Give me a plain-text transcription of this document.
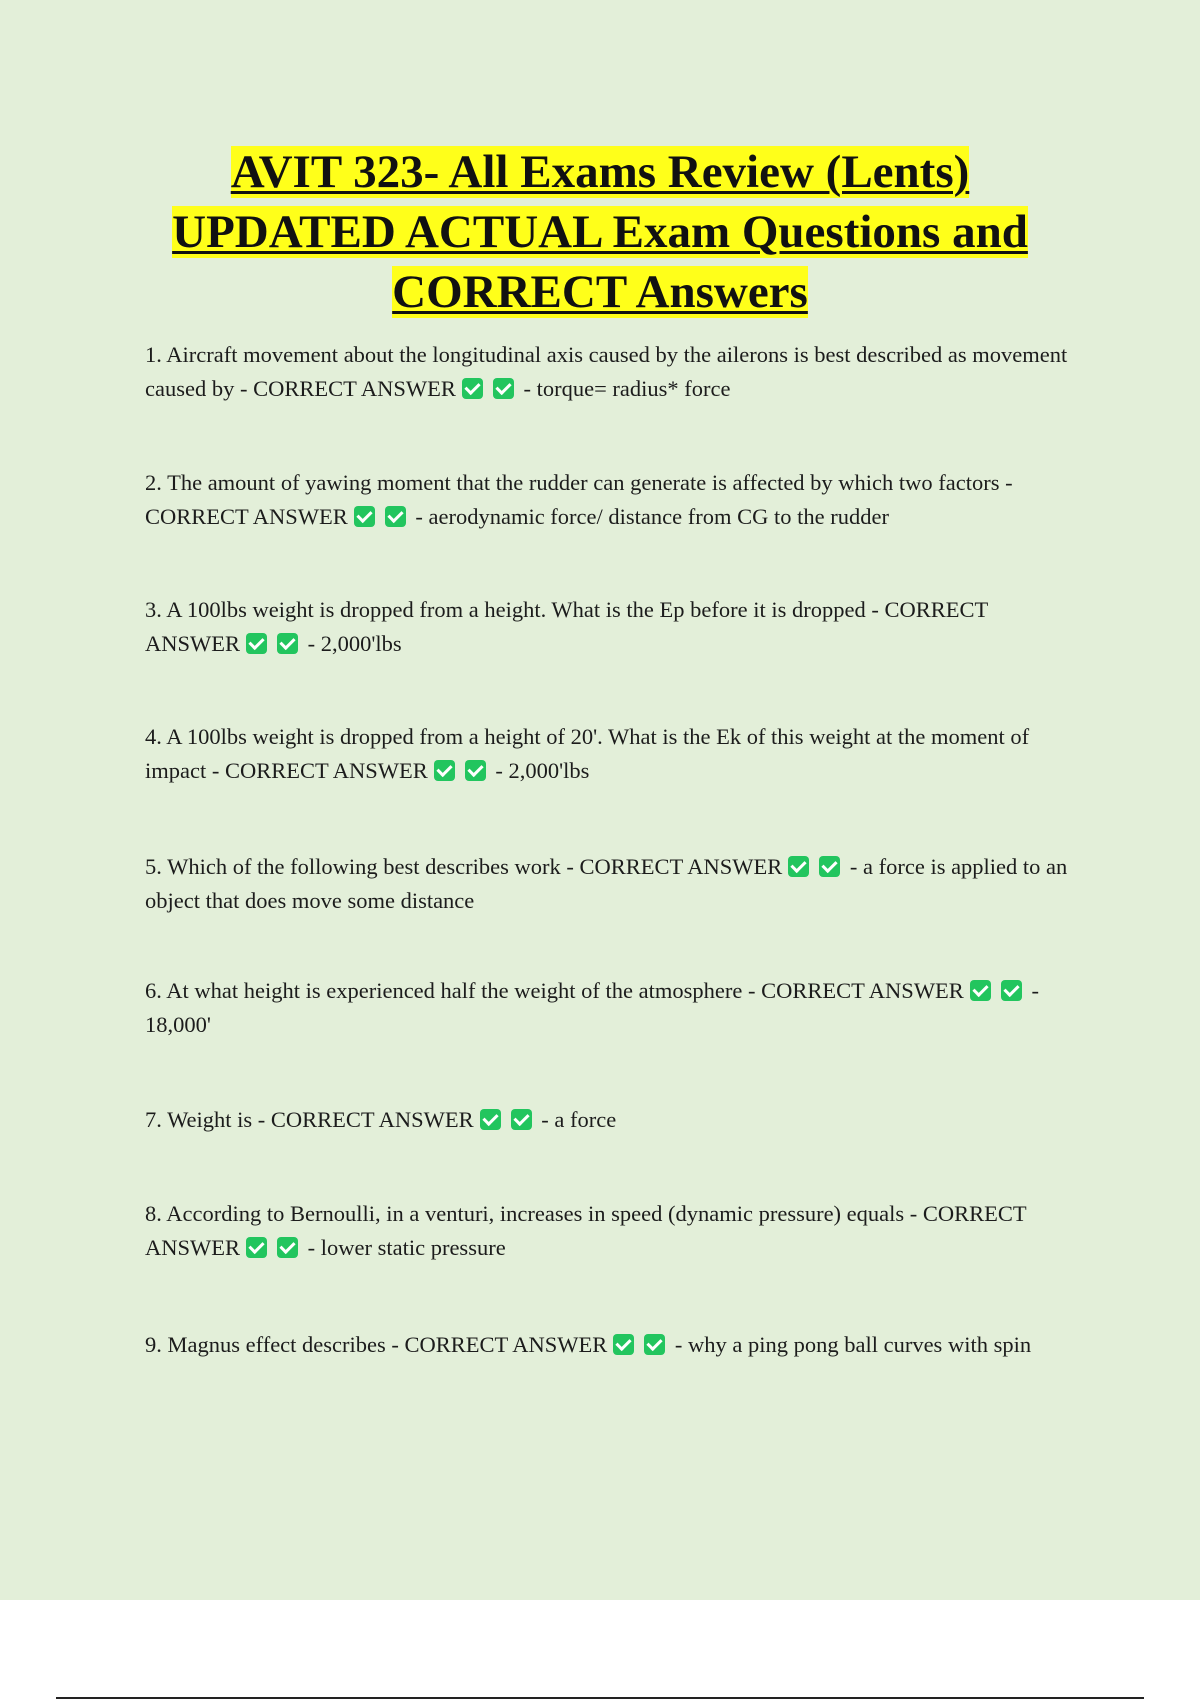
AVIT 323- All Exams Review (Lents)
UPDATED ACTUAL Exam Questions and
CORRECT Answers
1. Aircraft movement about the longitudinal axis caused by the ailerons is best described as movement caused by - CORRECT ANSWER	- torque= radius* force
2. The amount of yawing moment that the rudder can generate is affected by which two factors - CORRECT ANSWER	- aerodynamic force/ distance from CG to the rudder
3. A 100lbs weight is dropped from a height. What is the Ep before it is dropped - CORRECT ANSWER	- 2,000'lbs
4. A 100lbs weight is dropped from a height of 20'. What is the Ek of this weight at the moment of impact - CORRECT ANSWER	- 2,000'lbs
5. Which of the following best describes work - CORRECT ANSWER	- a force is applied to an object that does move some distance
6. At what height is experienced half the weight of the atmosphere - CORRECT ANSWER	- 18,000'
7. Weight is - CORRECT ANSWER	- a force
8. According to Bernoulli, in a venturi, increases in speed (dynamic pressure) equals - CORRECT ANSWER	- lower static pressure
9. Magnus effect describes - CORRECT ANSWER	- why a ping pong ball curves with spin
